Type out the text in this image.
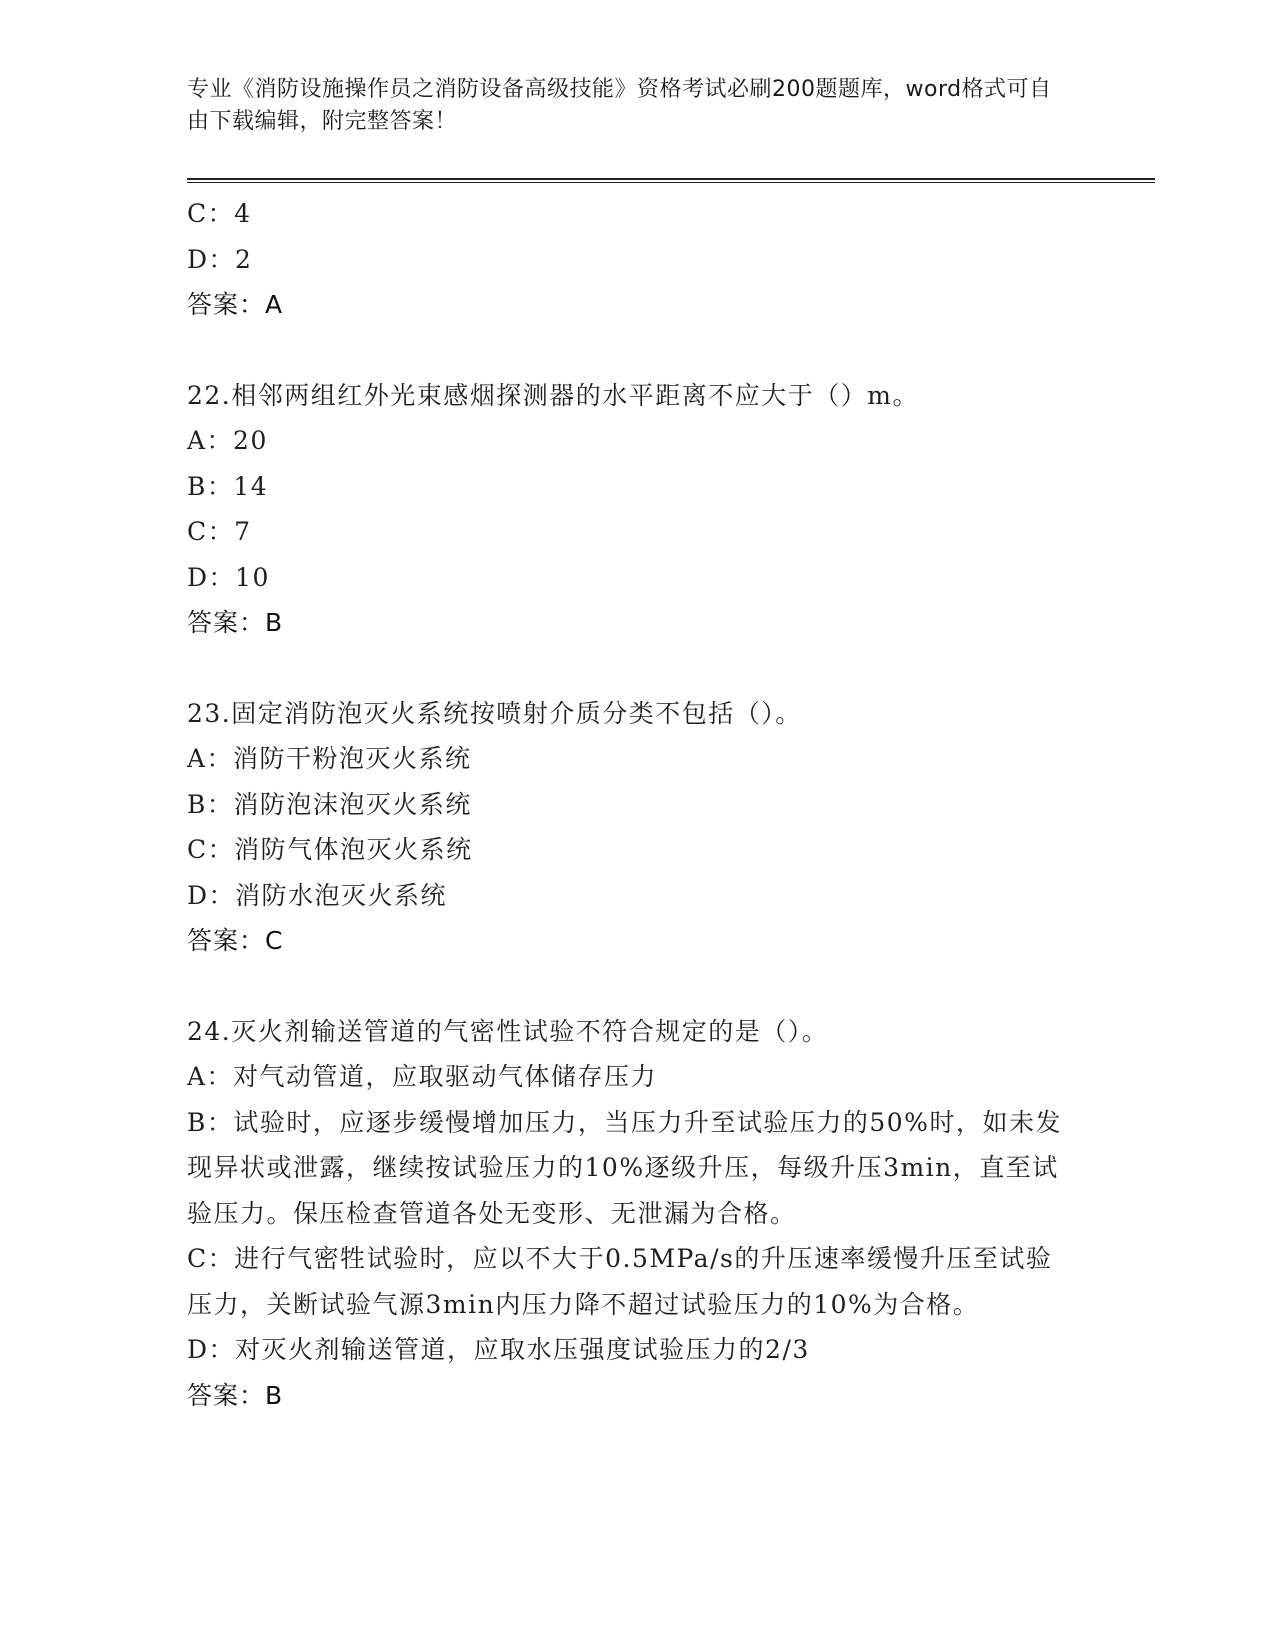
专业《消防设施操作员之消防设备高级技能》资格考试必刷200题题库，word格式可自由下载编辑，附完整答案！
C：4
D：2
答案：A
22.相邻两组红外光束感烟探测器的水平距离不应大于（）m。
A：20
B：14
C：7
D：10
答案：B
23.固定消防泡灭火系统按喷射介质分类不包括（）。
A：消防干粉泡灭火系统
B：消防泡沫泡灭火系统
C：消防气体泡灭火系统
D：消防水泡灭火系统
答案：C
24.灭火剂输送管道的气密性试验不符合规定的是（）。
A：对气动管道，应取驱动气体储存压力
B：试验时，应逐步缓慢增加压力，当压力升至试验压力的50%时，如未发现异状或泄露，继续按试验压力的10%逐级升压，每级升压3min，直至试验压力。保压检查管道各处无变形、无泄漏为合格。
C：进行气密牲试验时，应以不大于0.5MPa/s的升压速率缓慢升压至试验压力，关断试验气源3min内压力降不超过试验压力的10%为合格。
D：对灭火剂输送管道，应取水压强度试验压力的2/3
答案：B
